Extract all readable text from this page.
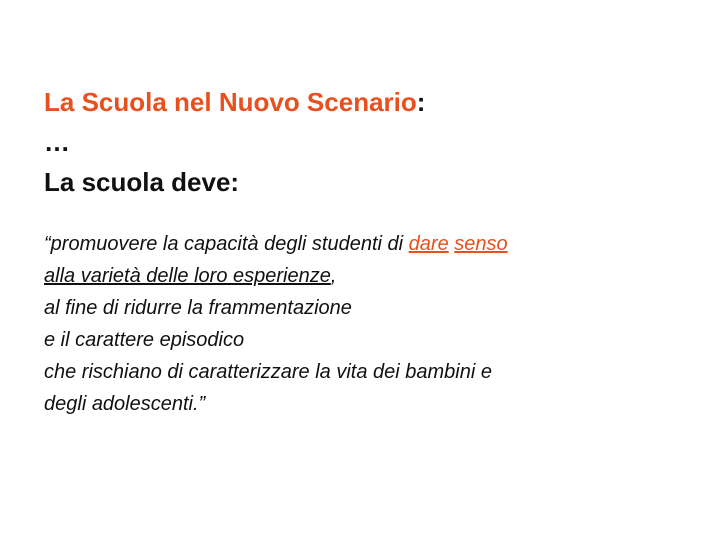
La Scuola nel Nuovo Scenario:
…
La scuola deve:
“promuovere la capacità degli studenti di dare senso
alla varietà delle loro esperienze,
al fine di ridurre la frammentazione
e il carattere episodico
che rischiano di caratterizzare la vita dei bambini e
degli adolescenti.”
